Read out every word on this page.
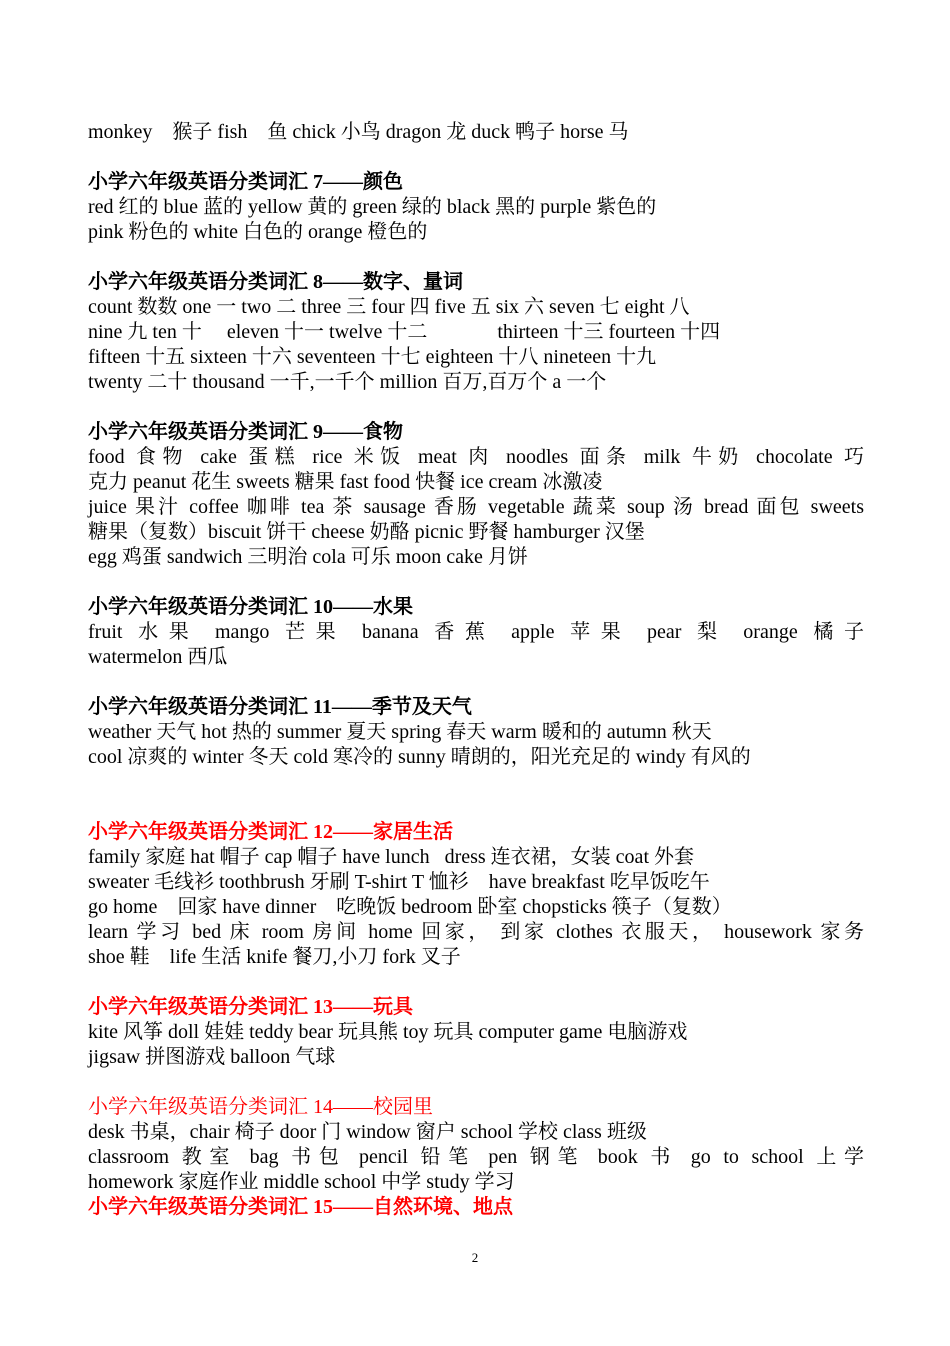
monkey    猴子 fish    鱼 chick 小鸟 dragon 龙 duck 鸭子 horse 马
小学六年级英语分类词汇 7——颜色
red 红的 blue 蓝的 yellow 黄的 green 绿的 black 黑的 purple 紫色的
pink 粉色的 white 白色的 orange 橙色的
小学六年级英语分类词汇 8——数字、量词
count 数数 one 一 two 二 three 三 four 四 five 五 six 六 seven 七 eight 八
nine 九 ten 十     eleven 十一 twelve 十二              thirteen 十三 fourteen 十四
fifteen 十五 sixteen 十六 seventeen 十七 eighteen 十八 nineteen 十九
twenty 二十 thousand 一千,一千个 million 百万,百万个 a 一个
小学六年级英语分类词汇 9——食物
food 食物 cake 蛋糕 rice 米饭 meat 肉 noodles 面条 milk 牛奶 chocolate 巧
克力 peanut 花生 sweets 糖果 fast food 快餐 ice cream 冰激凌
juice 果汁 coffee 咖啡 tea 茶 sausage 香肠 vegetable 蔬菜 soup 汤 bread 面包 sweets
糖果（复数）biscuit 饼干 cheese 奶酪 picnic 野餐 hamburger 汉堡
egg 鸡蛋 sandwich 三明治 cola 可乐 moon cake 月饼
小学六年级英语分类词汇 10——水果
fruit 水果 mango 芒果 banana 香蕉 apple 苹果 pear 梨 orange 橘子
watermelon 西瓜
小学六年级英语分类词汇 11——季节及天气
weather 天气 hot 热的 summer 夏天 spring 春天 warm 暖和的 autumn 秋天
cool 凉爽的 winter 冬天 cold 寒冷的 sunny 晴朗的，阳光充足的 windy 有风的
小学六年级英语分类词汇 12——家居生活
family 家庭 hat 帽子 cap 帽子 have lunch   dress 连衣裙，女装 coat 外套
sweater 毛线衫 toothbrush 牙刷 T-shirt T 恤衫    have breakfast 吃早饭吃午
go home    回家 have dinner    吃晚饭 bedroom 卧室 chopsticks 筷子（复数）
learn 学习 bed 床 room 房间 home 回家， 到家 clothes 衣服天， housework 家务
shoe 鞋    life 生活 knife 餐刀,小刀 fork 叉子
小学六年级英语分类词汇 13——玩具
kite 风筝 doll 娃娃 teddy bear 玩具熊 toy 玩具 computer game 电脑游戏
jigsaw 拼图游戏 balloon 气球
小学六年级英语分类词汇 14——校园里
desk 书桌，chair 椅子 door 门 window 窗户 school 学校 class 班级
classroom 教室 bag 书包 pencil 铅笔 pen 钢笔 book 书 go to school 上学
homework 家庭作业 middle school 中学 study 学习
小学六年级英语分类词汇 15——自然环境、地点
2
